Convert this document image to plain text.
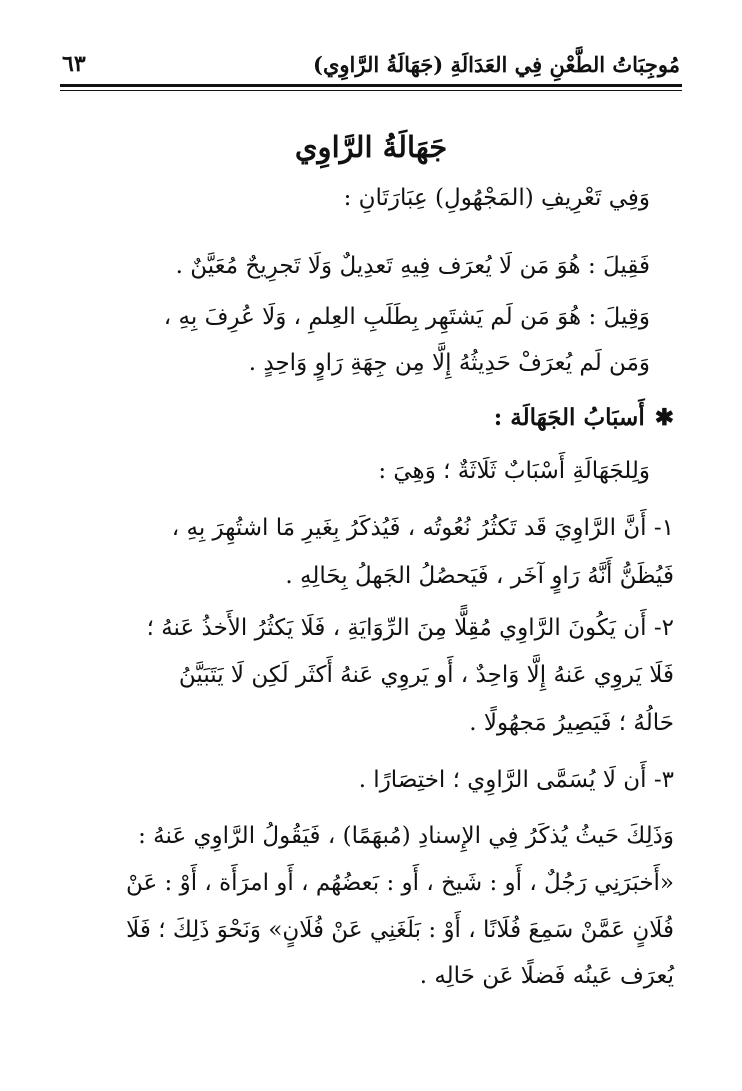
مُوجِبَاتُ الطَّعْنِ فِي العَدَالَةِ (جَهَالَةُ الرَّاوِي)
٦٣
جَهَالَةُ الرَّاوِي
وَفِي تَعْرِيفِ (المَجْهُولِ) عِبَارَتَانِ :
فَقِيلَ : هُوَ مَن لَا يُعرَف فِيهِ تَعدِيلٌ وَلَا تَجرِيحٌ مُعَيَّنٌ .
وَقِيلَ : هُوَ مَن لَم يَشتَهِر بِطَلَبِ العِلمِ ، وَلَا عُرِفَ بِهِ ،
وَمَن لَم يُعرَفْ حَدِيثُهُ إِلَّا مِن جِهَةِ رَاوٍ وَاحِدٍ .
✱أَسبَابُ الجَهَالَة :
وَلِلجَهَالَةِ أَسْبَابٌ ثَلَاثَةٌ ؛ وَهِيَ :
١- أَنَّ الرَّاوِيَ قَد تَكثُرُ نُعُوتُه ، فَيُذكَرُ بِغَيرِ مَا اشتُهِرَ بِهِ ،
فَيُظَنُّ أَنَّهُ رَاوٍ آخَر ، فَيَحصُلُ الجَهلُ بِحَالِهِ .
٢- أَن يَكُونَ الرَّاوِي مُقِلًّا مِنَ الرِّوَايَةِ ، فَلَا يَكثُرُ الأَخذُ عَنهُ ؛
فَلَا يَروِي عَنهُ إِلَّا وَاحِدٌ ، أَو يَروِي عَنهُ أَكثَر لَكِن لَا يَتَبَيَّنُ
حَالُهُ ؛ فَيَصِيرُ مَجهُولًا .
٣- أَن لَا يُسَمَّى الرَّاوِي ؛ اختِصَارًا .
وَذَلِكَ حَيثُ يُذكَرُ فِي الإِسنادِ (مُبهَمًا) ، فَيَقُولُ الرَّاوِي عَنهُ :
«أَخبَرَنِي رَجُلٌ ، أَو : شَيخ ، أَو : بَعضُهُم ، أَو امرَأَة ، أَوْ : عَنْ
فُلَانٍ عَمَّنْ سَمِعَ فُلَانًا ، أَوْ : بَلَغَنِي عَنْ فُلَانٍ» وَنَحْوَ ذَلِكَ ؛ فَلَا
يُعرَف عَينُه فَضلًا عَن حَالِه .
